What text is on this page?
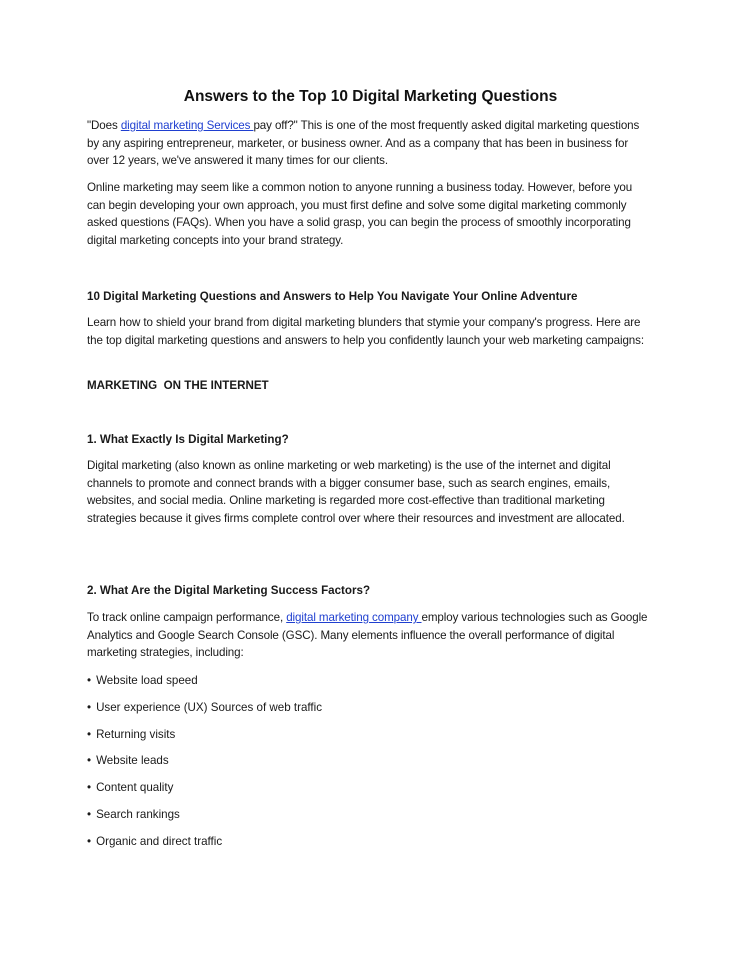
Answers to the Top 10 Digital Marketing Questions

"Does digital marketing Services pay off?" This is one of the most frequently asked digital marketing questions by any aspiring entrepreneur, marketer, or business owner. And as a company that has been in business for over 12 years, we've answered it many times for our clients.

Online marketing may seem like a common notion to anyone running a business today. However, before you can begin developing your own approach, you must first define and solve some digital marketing commonly asked questions (FAQs). When you have a solid grasp, you can begin the process of smoothly incorporating digital marketing concepts into your brand strategy.

10 Digital Marketing Questions and Answers to Help You Navigate Your Online Adventure

Learn how to shield your brand from digital marketing blunders that stymie your company's progress. Here are the top digital marketing questions and answers to help you confidently launch your web marketing campaigns:

MARKETING  ON THE INTERNET
1. What Exactly Is Digital Marketing?

Digital marketing (also known as online marketing or web marketing) is the use of the internet and digital channels to promote and connect brands with a bigger consumer base, such as search engines, emails, websites, and social media. Online marketing is regarded more cost-effective than traditional marketing strategies because it gives firms complete control over where their resources and investment are allocated.

2. What Are the Digital Marketing Success Factors?

To track online campaign performance, digital marketing company employ various technologies such as Google Analytics and Google Search Console (GSC). Many elements influence the overall performance of digital marketing strategies, including:

• Website load speed

• User experience (UX) Sources of web traffic

• Returning visits

• Website leads

• Content quality

• Search rankings

• Organic and direct traffic
